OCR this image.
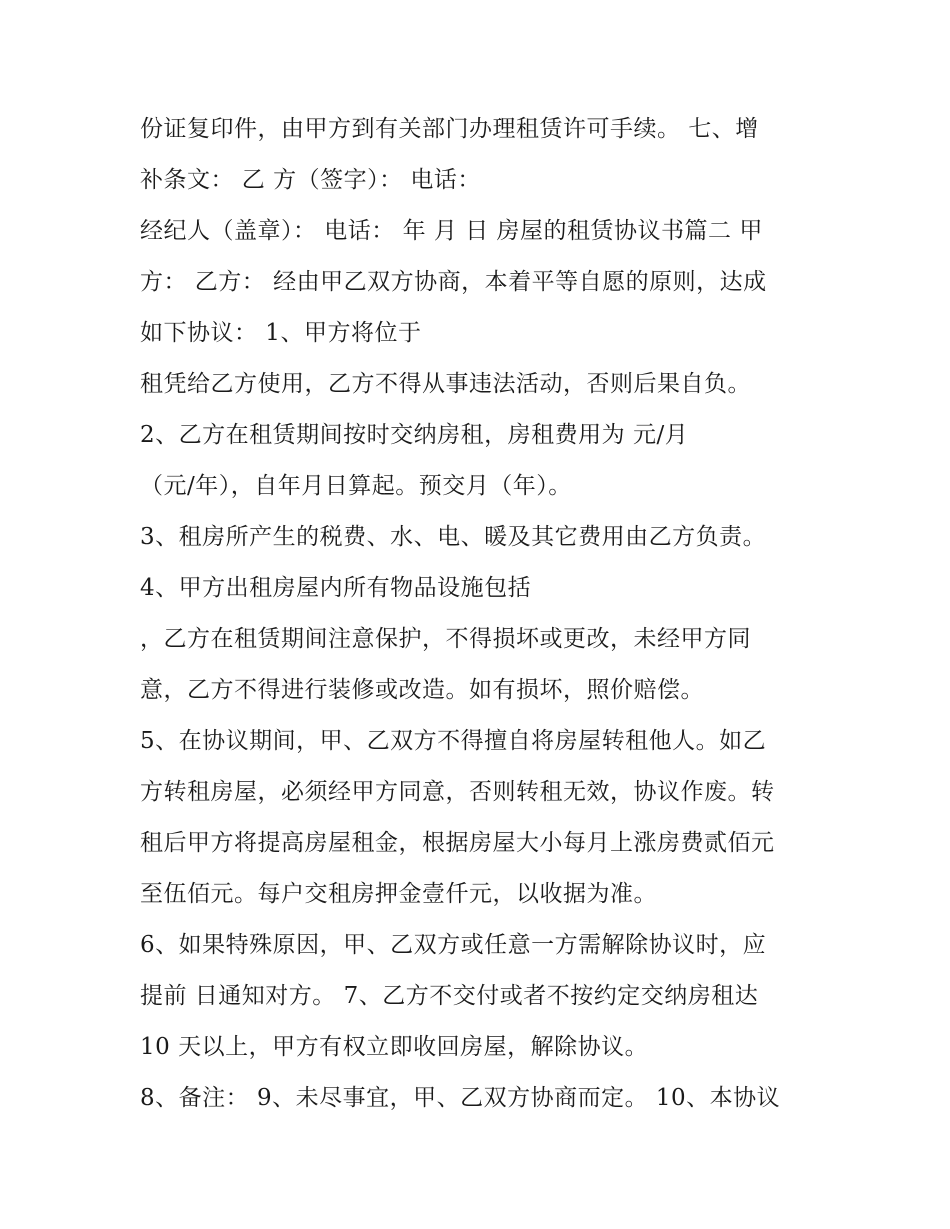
份证复印件，由甲方到有关部门办理租赁许可手续。 七、增
补条文： 乙 方（签字）： 电话：
经纪人（盖章）： 电话： 年 月 日 房屋的租赁协议书篇二 甲
方： 乙方： 经由甲乙双方协商，本着平等自愿的原则，达成
如下协议： 1、甲方将位于
租凭给乙方使用，乙方不得从事违法活动，否则后果自负。
2、乙方在租赁期间按时交纳房租，房租费用为 元/月
（元/年），自年月日算起。预交月（年）。
3、租房所产生的税费、水、电、暖及其它费用由乙方负责。
4、甲方出租房屋内所有物品设施包括
，乙方在租赁期间注意保护，不得损坏或更改，未经甲方同
意，乙方不得进行装修或改造。如有损坏，照价赔偿。
5、在协议期间，甲、乙双方不得擅自将房屋转租他人。如乙
方转租房屋，必须经甲方同意，否则转租无效，协议作废。转
租后甲方将提高房屋租金，根据房屋大小每月上涨房费贰佰元
至伍佰元。每户交租房押金壹仟元，以收据为准。
6、如果特殊原因，甲、乙双方或任意一方需解除协议时，应
提前 日通知对方。 7、乙方不交付或者不按约定交纳房租达
10 天以上，甲方有权立即收回房屋，解除协议。
8、备注： 9、未尽事宜，甲、乙双方协商而定。 10、本协议
